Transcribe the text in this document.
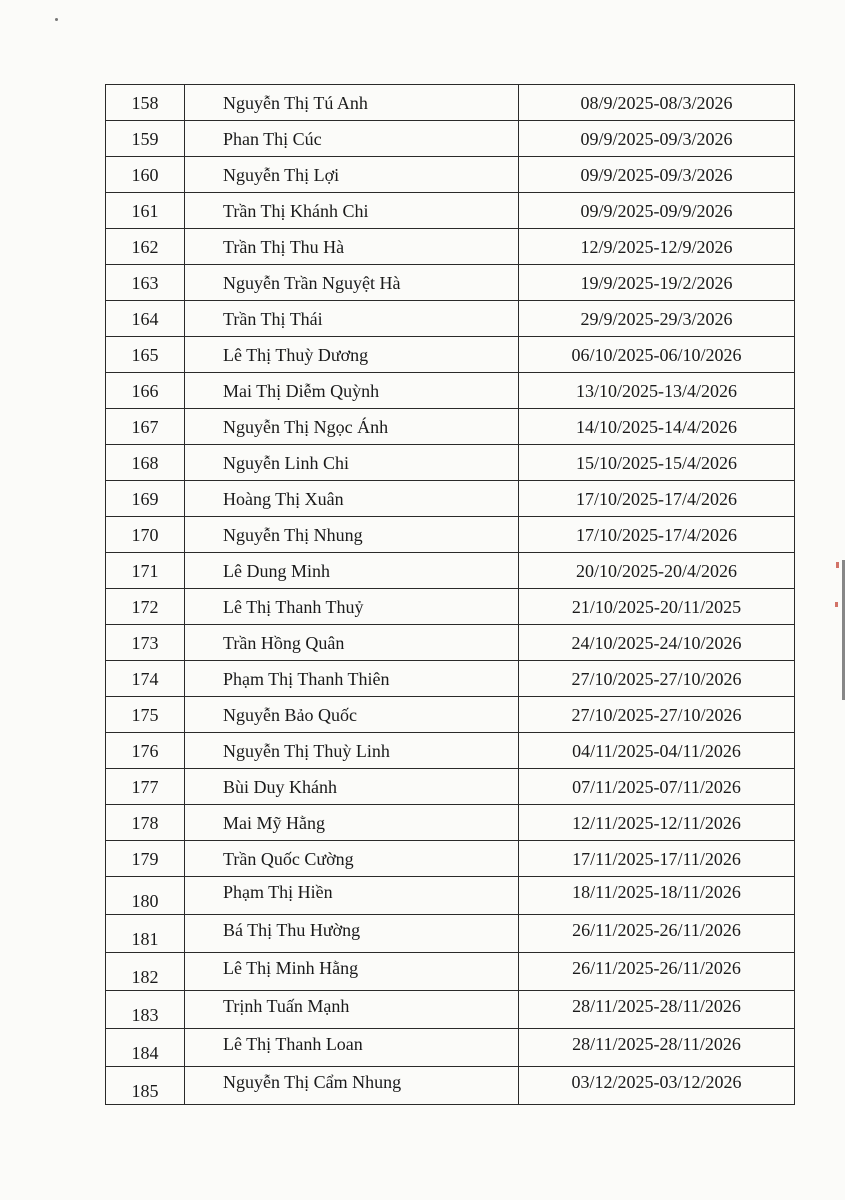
158	Nguyễn Thị Tú Anh	08/9/2025-08/3/2026

159	Phan Thị Cúc	09/9/2025-09/3/2026

160	Nguyễn Thị Lợi	09/9/2025-09/3/2026

161	Trần Thị Khánh Chi	09/9/2025-09/9/2026

162	Trần Thị Thu Hà	12/9/2025-12/9/2026

163	Nguyễn Trần Nguyệt Hà	19/9/2025-19/2/2026

164	Trần Thị Thái	29/9/2025-29/3/2026

165	Lê Thị Thuỳ Dương	06/10/2025-06/10/2026

166	Mai Thị Diễm Quỳnh	13/10/2025-13/4/2026

167	Nguyễn Thị Ngọc Ánh	14/10/2025-14/4/2026

168	Nguyễn Linh Chi	15/10/2025-15/4/2026

169	Hoàng Thị Xuân	17/10/2025-17/4/2026

170	Nguyễn Thị Nhung	17/10/2025-17/4/2026

171	Lê Dung Minh	20/10/2025-20/4/2026

172	Lê Thị Thanh Thuỷ	21/10/2025-20/11/2025

173	Trần Hồng Quân	24/10/2025-24/10/2026

174	Phạm Thị Thanh Thiên	27/10/2025-27/10/2026

175	Nguyễn Bảo Quốc	27/10/2025-27/10/2026

176	Nguyễn Thị Thuỳ Linh	04/11/2025-04/11/2026

177	Bùi Duy Khánh	07/11/2025-07/11/2026

178	Mai Mỹ Hằng	12/11/2025-12/11/2026

179	Trần Quốc Cường	17/11/2025-17/11/2026

180	Phạm Thị Hiền	18/11/2025-18/11/2026

181	Bá Thị Thu Hường	26/11/2025-26/11/2026

182	Lê Thị Minh Hằng	26/11/2025-26/11/2026

183	Trịnh Tuấn Mạnh	28/11/2025-28/11/2026

184	Lê Thị Thanh Loan	28/11/2025-28/11/2026

185	Nguyễn Thị Cẩm Nhung	03/12/2025-03/12/2026
